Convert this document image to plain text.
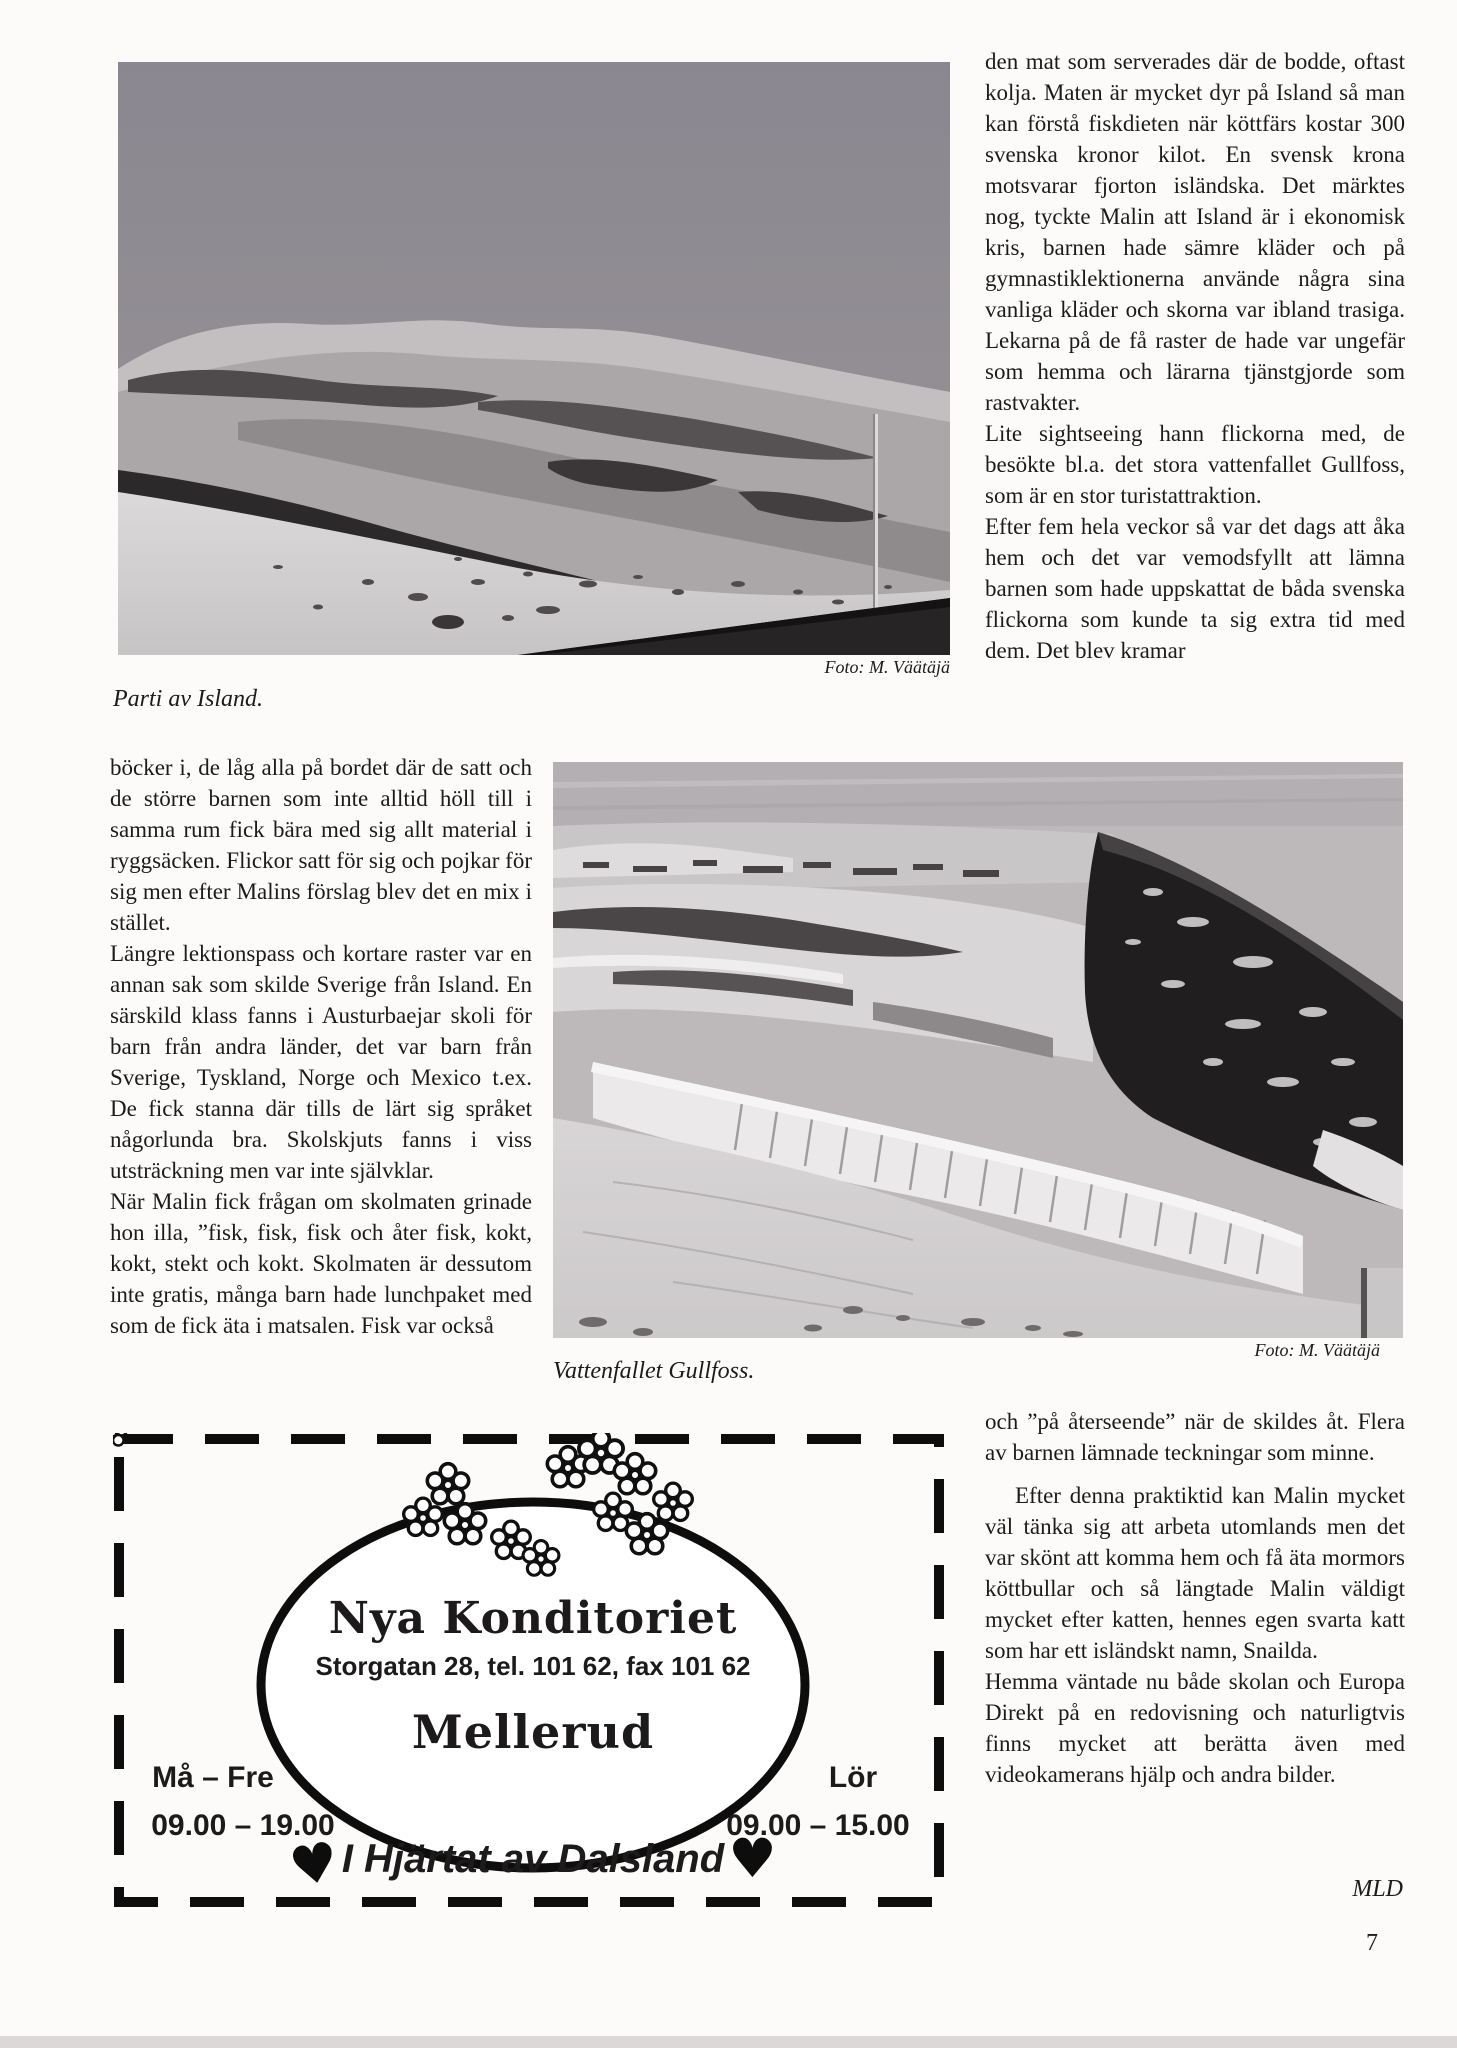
Foto: M. Väätäjä
Parti av Island.

den mat som serverades där de bodde, oftast kolja. Maten är mycket dyr på Island så man kan förstå fiskdieten när köttfärs kostar 300 svenska kronor kilot. En svensk krona motsvarar fjorton isländska. Det märktes nog, tyckte Malin att Island är i ekonomisk kris, barnen hade sämre kläder och på gymnastiklektionerna använde några sina vanliga kläder och skorna var ibland trasiga. Lekarna på de få raster de hade var ungefär som hemma och lärarna tjänstgjorde som rastvakter.

Lite sightseeing hann flickorna med, de besökte bl.a. det stora vattenfallet Gullfoss, som är en stor turistattraktion.

Efter fem hela veckor så var det dags att åka hem och det var vemodsfyllt att lämna barnen som hade uppskattat de båda svenska flickorna som kunde ta sig extra tid med dem. Det blev kramar

böcker i, de låg alla på bordet där de satt och de större barnen som inte alltid höll till i samma rum fick bära med sig allt material i ryggsäcken. Flickor satt för sig och pojkar för sig men efter Malins förslag blev det en mix i stället.

Längre lektionspass och kortare raster var en annan sak som skilde Sverige från Island. En särskild klass fanns i Austurbaejar skoli för barn från andra länder, det var barn från Sverige, Tyskland, Norge och Mexico t.ex. De fick stanna där tills de lärt sig språket någorlunda bra. Skolskjuts fanns i viss utsträckning men var inte självklar.

När Malin fick frågan om skolmaten grinade hon illa, ”fisk, fisk, fisk och åter fisk, kokt, kokt, stekt och kokt. Skolmaten är dessutom inte gratis, många barn hade lunchpaket med som de fick äta i matsalen. Fisk var också

Foto: M. Väätäjä
Vattenfallet Gullfoss.

och ”på återseende” när de skildes åt. Flera av barnen lämnade teckningar som minne.

Efter denna praktiktid kan Malin mycket väl tänka sig att arbeta utomlands men det var skönt att komma hem och få äta mormors köttbullar och så längtade Malin väldigt mycket efter katten, hennes egen svarta katt som har ett isländskt namn, Snailda.

Hemma väntade nu både skolan och Europa Direkt på en redovisning och naturligtvis finns mycket att berätta även med videokamerans hjälp och andra bilder.

MLD
7
Nya Konditoriet
Storgatan 28, tel. 101 62, fax 101 62
Mellerud
Må – Fre
09.00 – 19.00
Lör
09.00 – 15.00
♥
I Hjärtat av Dalsland ♥
